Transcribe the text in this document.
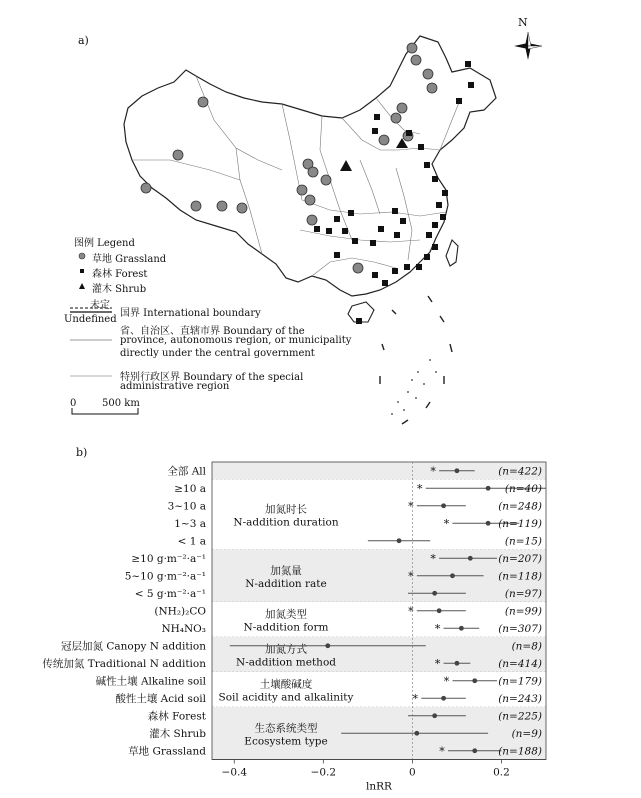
a)
图例 Legend
草地 Grassland
森林 Forest
灌木 Shrub
未定
Undefined
国界 International boundary
省、自治区、直辖市界 Boundary of the
province, autonomous region, or municipality
directly under the central government
特别行政区界 Boundary of the special
administrative region
0	500 km
N
b)
加氮时长
N-addition duration
加氮量
N-addition rate
加氮类型
N-addition form
加氮方式
N-addition method
土壤酸碱度
Soil acidity and alkalinity
生态系统类型
Ecosystem type
全部 All	*	(n=422)
≥10 a	*	(n=40)
3~10 a	*	(n=248)
1~3 a	*	(n=119)
< 1 a	(n=15)
≥10 g·m⁻²·a⁻¹	*	(n=207)
5~10 g·m⁻²·a⁻¹	*	(n=118)
< 5 g·m⁻²·a⁻¹	(n=97)
(NH₂)₂CO	*	(n=99)
NH₄NO₃	*	(n=307)
冠层加氮 Canopy N addition	(n=8)
传统加氮 Traditional N addition	*	(n=414)
碱性土壤 Alkaline soil	*	(n=179)
酸性土壤 Acid soil	*	(n=243)
森林 Forest	(n=225)
灌木 Shrub	(n=9)
草地 Grassland	*	(n=188)
−0.4	−0.2	0	0.2
lnRR
